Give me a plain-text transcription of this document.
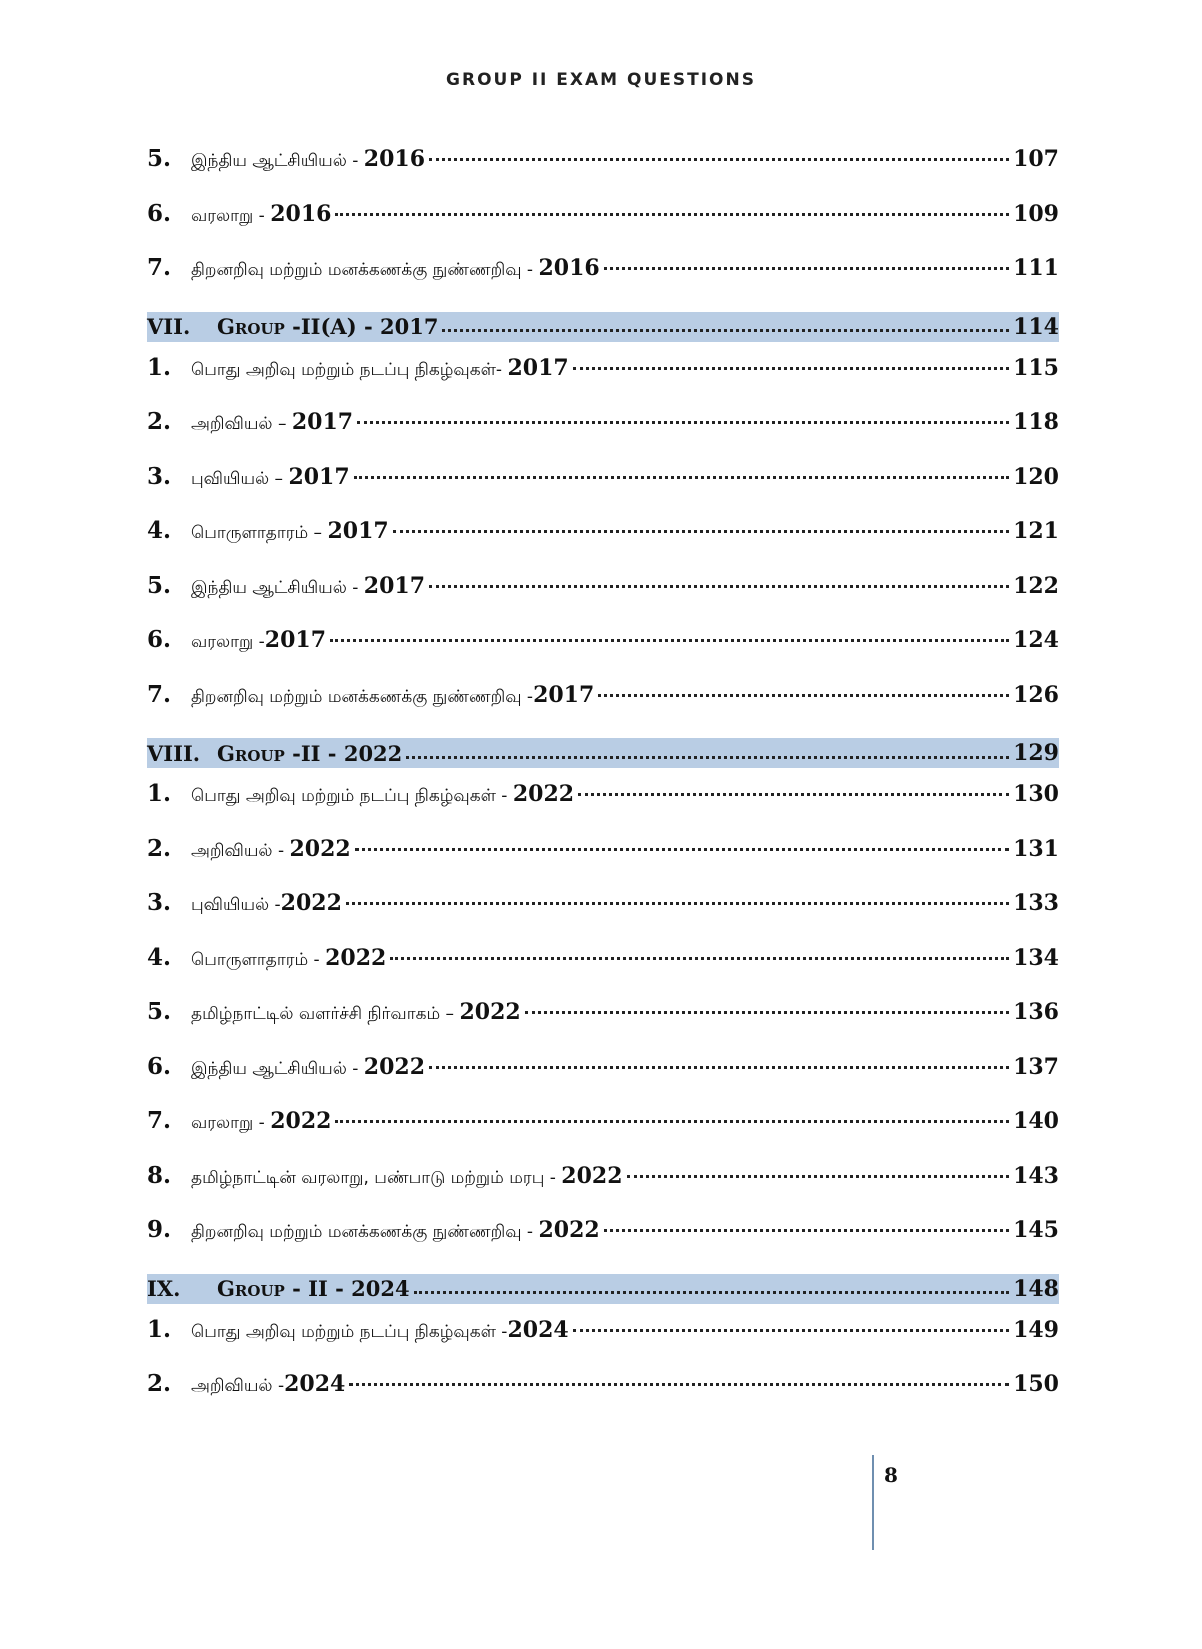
GROUP II EXAM QUESTIONS
5.	இந்திய ஆட்சியியல் - 2016	107
6.	வரலாறு - 2016	109
7.	திறனறிவு மற்றும் மனக்கணக்கு நுண்ணறிவு - 2016	111
VII.	Group -II(A) - 2017	114
1.	பொது அறிவு மற்றும் நடப்பு நிகழ்வுகள்- 2017	115
2.	அறிவியல் – 2017	118
3.	புவியியல் – 2017	120
4.	பொருளாதாரம் – 2017	121
5.	இந்திய ஆட்சியியல் - 2017	122
6.	வரலாறு -2017	124
7.	திறனறிவு மற்றும் மனக்கணக்கு நுண்ணறிவு -2017	126
VIII. Group -II - 2022	129
1.	பொது அறிவு மற்றும் நடப்பு நிகழ்வுகள் - 2022	130
2.	அறிவியல் - 2022	131
3.	புவியியல் -2022	133
4.	பொருளாதாரம் - 2022	134
5.	தமிழ்நாட்டில் வளர்ச்சி நிர்வாகம் – 2022	136
6.	இந்திய ஆட்சியியல் - 2022	137
7.	வரலாறு - 2022	140
8.	தமிழ்நாட்டின் வரலாறு, பண்பாடு மற்றும் மரபு - 2022	143
9.	திறனறிவு மற்றும் மனக்கணக்கு நுண்ணறிவு - 2022	145
IX.	Group - II - 2024	148
1.	பொது அறிவு மற்றும் நடப்பு நிகழ்வுகள் -2024	149
2.	அறிவியல் -2024	150
8
